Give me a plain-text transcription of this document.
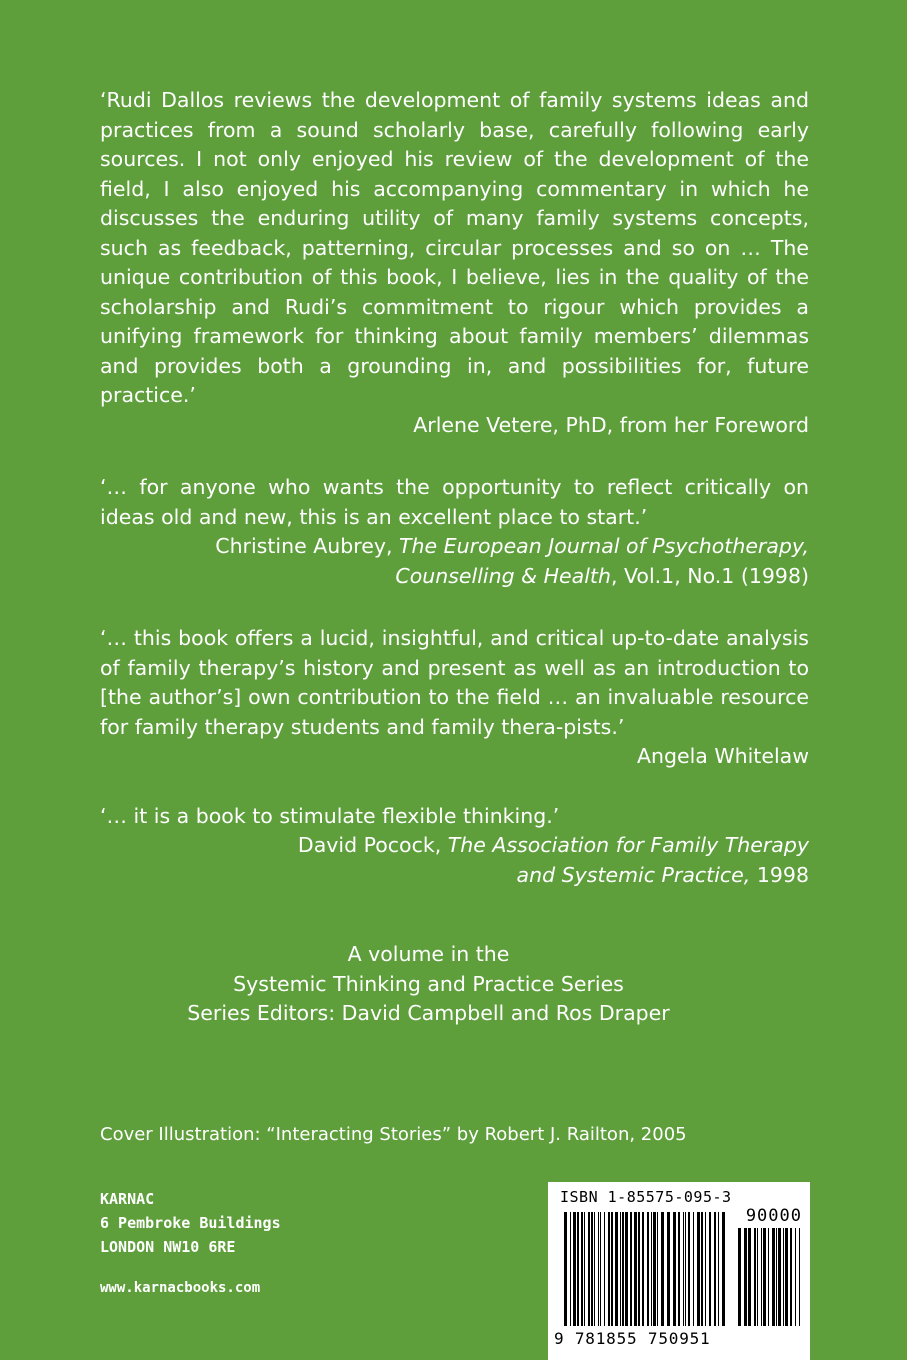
‘Rudi Dallos reviews the development of family systems ideas and practices from a sound scholarly base, carefully following early sources. I not only enjoyed his review of the development of the field, I also enjoyed his accompanying commentary in which he discusses the enduring utility of many family systems concepts, such as feedback, patterning, circular processes and so on … The unique contribution of this book, I believe, lies in the quality of the scholarship and Rudi’s commitment to rigour which provides a unifying framework for thinking about family members’ dilemmas and provides both a grounding in, and possibilities for, future practice.’

Arlene Vetere, PhD, from her Foreword

‘… for anyone who wants the opportunity to reflect critically on ideas old and new, this is an excellent place to start.’

Christine Aubrey, The European Journal of Psychotherapy,
Counselling & Health, Vol.1, No.1 (1998)

‘… this book offers a lucid, insightful, and critical up-to-date analysis of family therapy’s history and present as well as an introduction to [the author’s] own contribution to the field … an invaluable resource for family therapy students and family thera-pists.’

Angela Whitelaw

‘… it is a book to stimulate flexible thinking.’

David Pocock, The Association for Family Therapy
and Systemic Practice, 1998

A volume in the

Systemic Thinking and Practice Series

Series Editors: David Campbell and Ros Draper

Cover Illustration: “Interacting Stories” by Robert J. Railton, 2005
KARNAC
6 Pembroke Buildings
LONDON NW10 6RE
www.karnacbooks.com
ISBN 1-85575-095-3
90000
9 781855 750951
